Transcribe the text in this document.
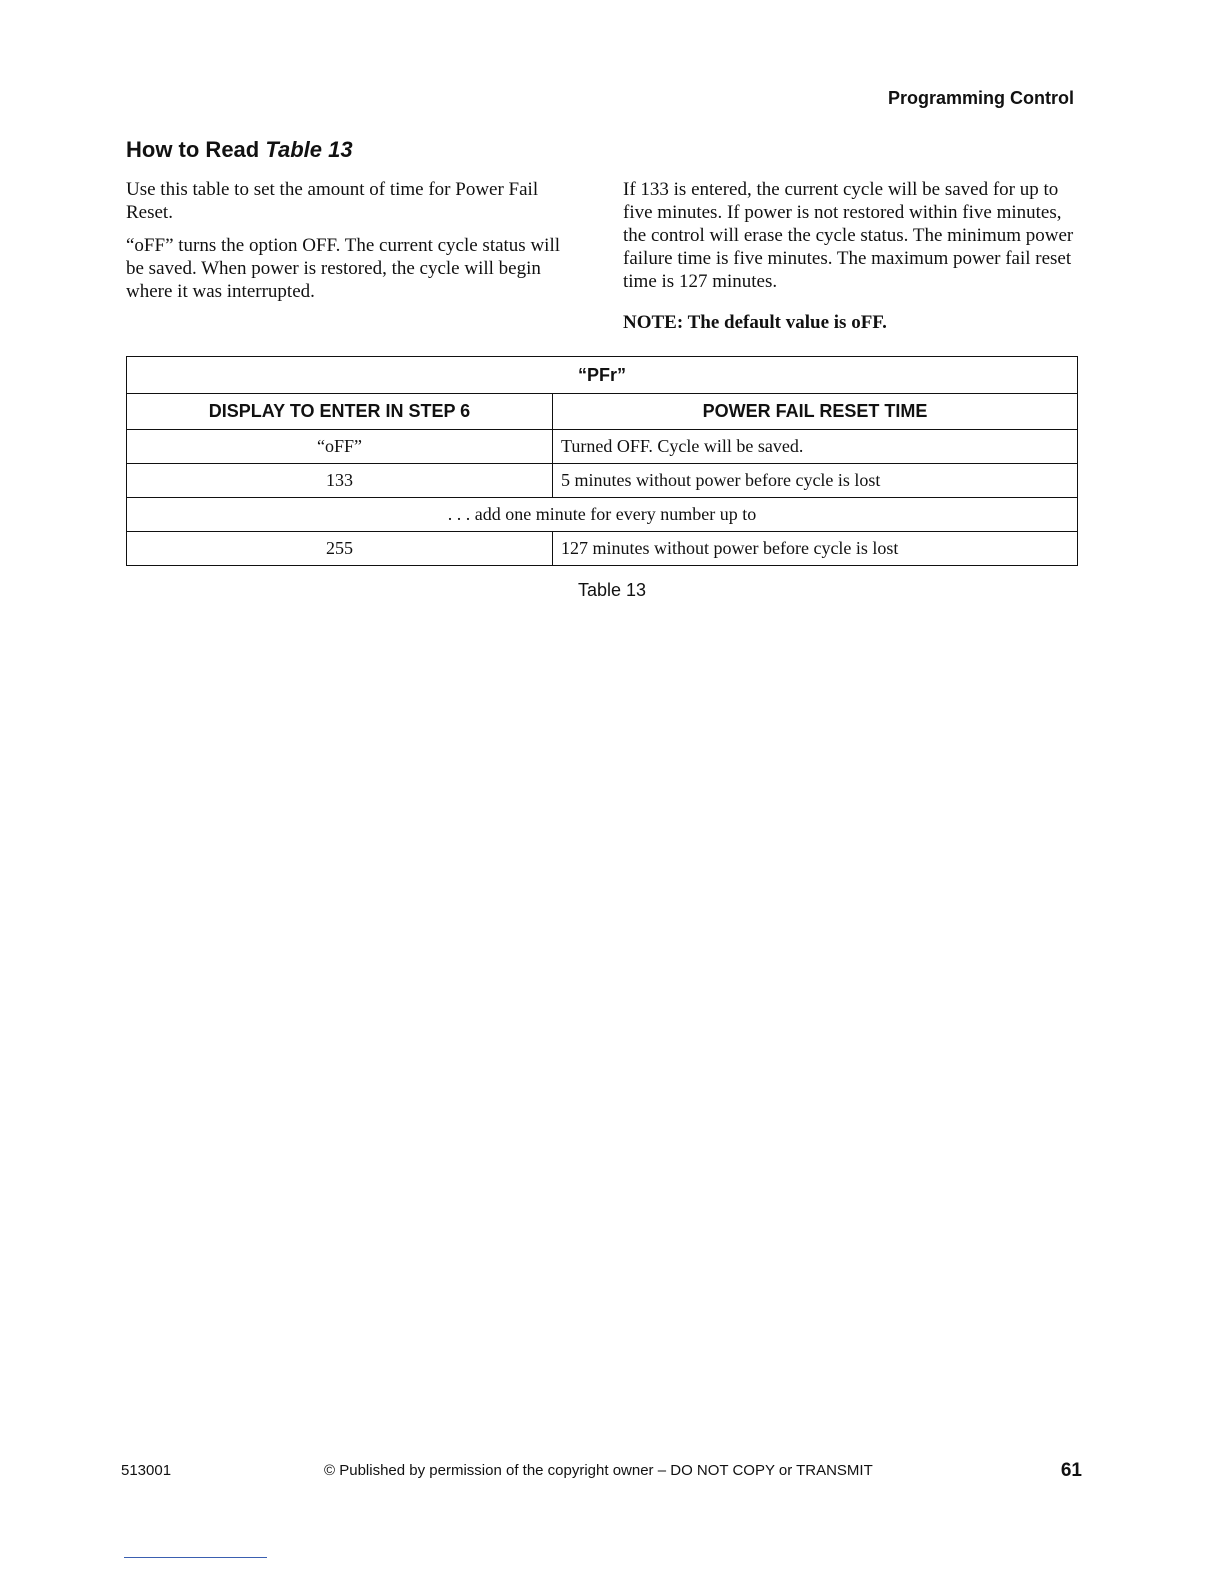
Programming Control
How to Read Table 13

Use this table to set the amount of time for Power Fail Reset.

“oFF” turns the option OFF. The current cycle status will be saved. When power is restored, the cycle will begin where it was interrupted.

If 133 is entered, the current cycle will be saved for up to five minutes. If power is not restored within five minutes, the control will erase the cycle status. The minimum power failure time is five minutes. The maximum power fail reset time is 127 minutes.

NOTE: The default value is oFF.

“PFr”	
DISPLAY TO ENTER IN STEP 6	POWER FAIL RESET TIME
“oFF”	Turned OFF. Cycle will be saved.
133	5 minutes without power before cycle is lost
. . . add one minute for every number up to	
255	127 minutes without power before cycle is lost
Table 13
513001	© Published by permission of the copyright owner – DO NOT COPY or TRANSMIT	61
